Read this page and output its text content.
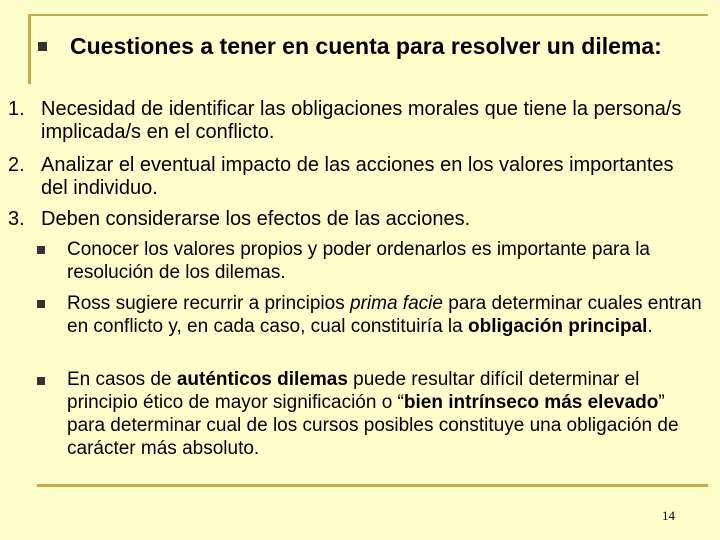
Cuestiones a tener en cuenta para resolver un dilema:
1. Necesidad de identificar las obligaciones morales que tiene la persona/s implicada/s en el conflicto.
2. Analizar el eventual impacto de las acciones en los valores importantes del individuo.
3. Deben considerarse los efectos de las acciones.
Conocer los valores propios y poder ordenarlos es importante para la resolución de los dilemas.
Ross sugiere recurrir a principios prima facie para determinar cuales entran en conflicto y, en cada caso, cual constituiría la obligación principal.
En casos de auténticos dilemas puede resultar difícil determinar el principio ético de mayor significación o “bien intrínseco más elevado” para determinar cual de los cursos posibles constituye una obligación de carácter más absoluto.
14
